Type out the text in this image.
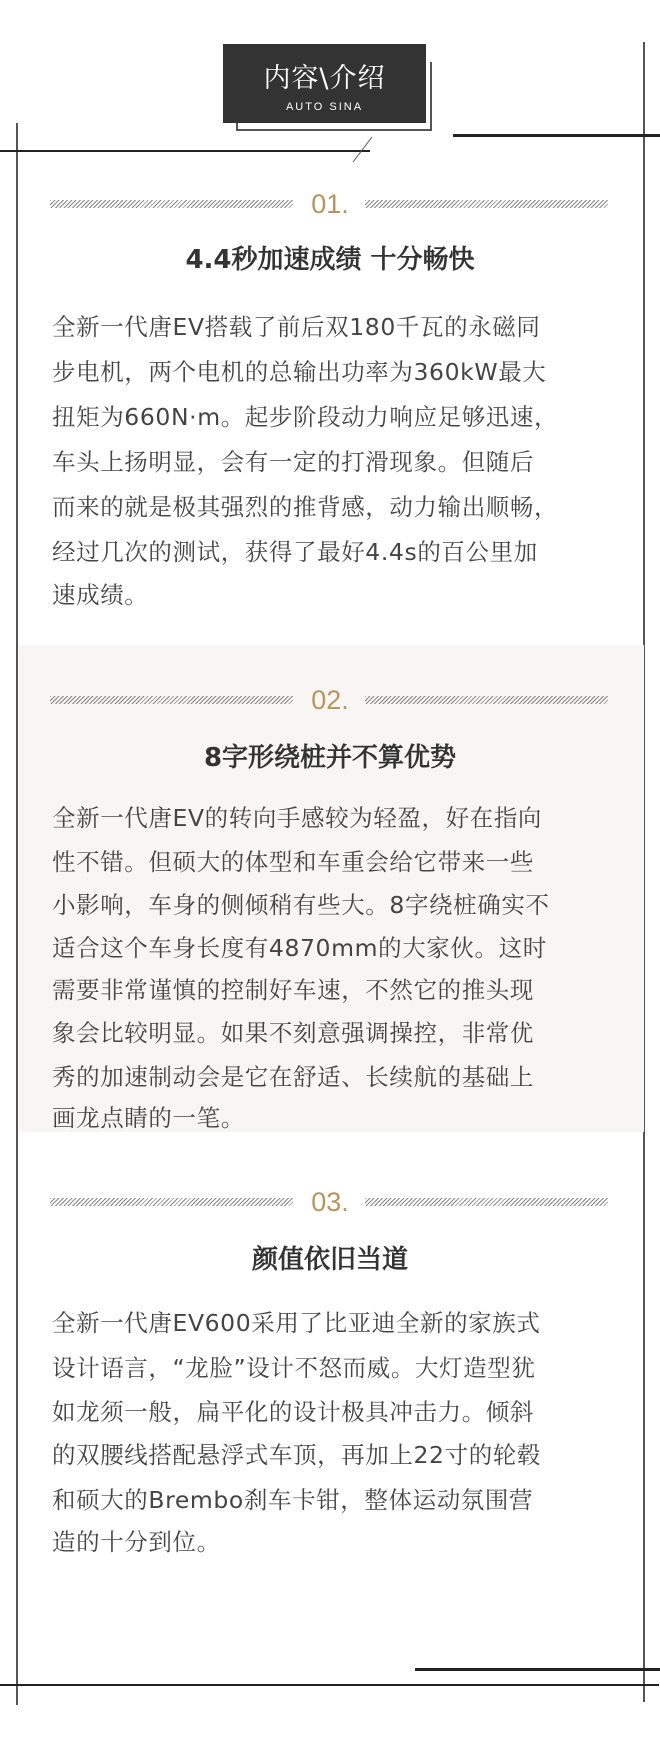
内容\介绍
AUTO SINA
01.
4.4秒加速成绩 十分畅快
全新一代唐EV搭载了前后双180千瓦的永磁同
步电机，两个电机的总输出功率为360kW最大
扭矩为660N·m。起步阶段动力响应足够迅速，
车头上扬明显，会有一定的打滑现象。但随后
而来的就是极其强烈的推背感，动力输出顺畅，
经过几次的测试，获得了最好4.4s的百公里加
速成绩。
02.
8字形绕桩并不算优势
全新一代唐EV的转向手感较为轻盈，好在指向
性不错。但硕大的体型和车重会给它带来一些
小影响，车身的侧倾稍有些大。8字绕桩确实不
适合这个车身长度有4870mm的大家伙。这时
需要非常谨慎的控制好车速，不然它的推头现
象会比较明显。如果不刻意强调操控，非常优
秀的加速制动会是它在舒适、长续航的基础上
画龙点睛的一笔。
03.
颜值依旧当道
全新一代唐EV600采用了比亚迪全新的家族式
设计语言，“龙脸”设计不怒而威。大灯造型犹
如龙须一般，扁平化的设计极具冲击力。倾斜
的双腰线搭配悬浮式车顶，再加上22寸的轮毂
和硕大的Brembo刹车卡钳，整体运动氛围营
造的十分到位。
